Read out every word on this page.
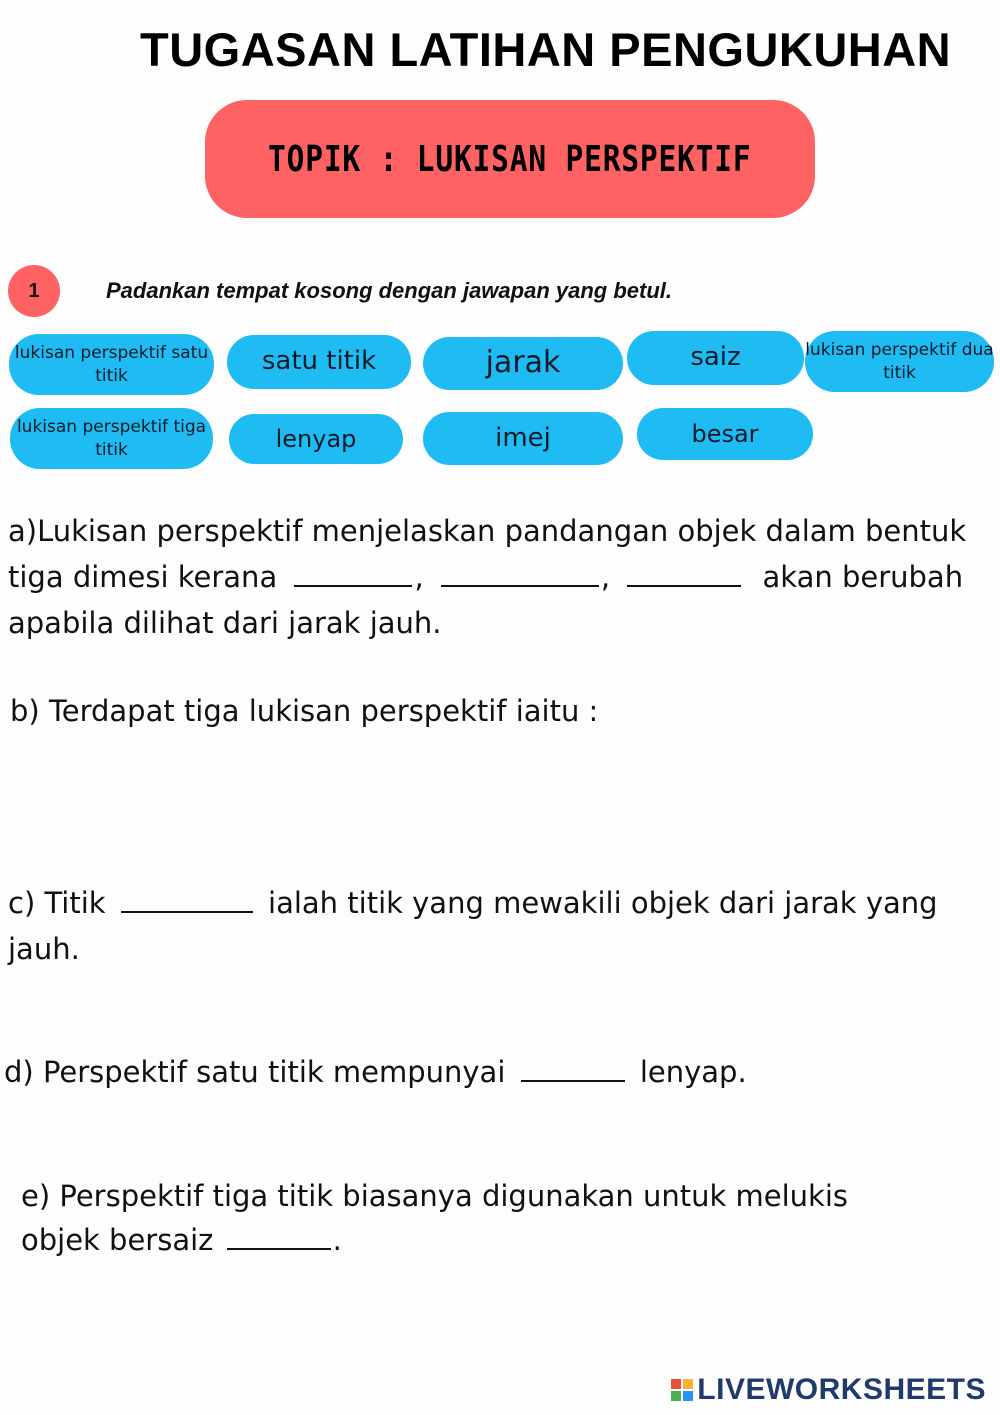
TUGASAN LATIHAN PENGUKUHAN
TOPIK : LUKISAN PERSPEKTIF
1	Padankan tempat kosong dengan jawapan yang betul.
lukisan perspektif satu titik	satu titik	jarak	saiz	lukisan perspektif dua titik
lukisan perspektif tiga titik	lenyap	imej	besar
a)Lukisan perspektif menjelaskan pandangan objek dalam bentuk
tiga dimesi kerana	,	,	akan berubah
apabila dilihat dari jarak jauh.
b) Terdapat tiga lukisan perspektif iaitu :
c) Titik	ialah titik yang mewakili objek dari jarak yang
jauh.
d) Perspektif satu titik mempunyai	lenyap.
e) Perspektif tiga titik biasanya digunakan untuk melukis
objek bersaiz	.
LIVEWORKSHEETS
